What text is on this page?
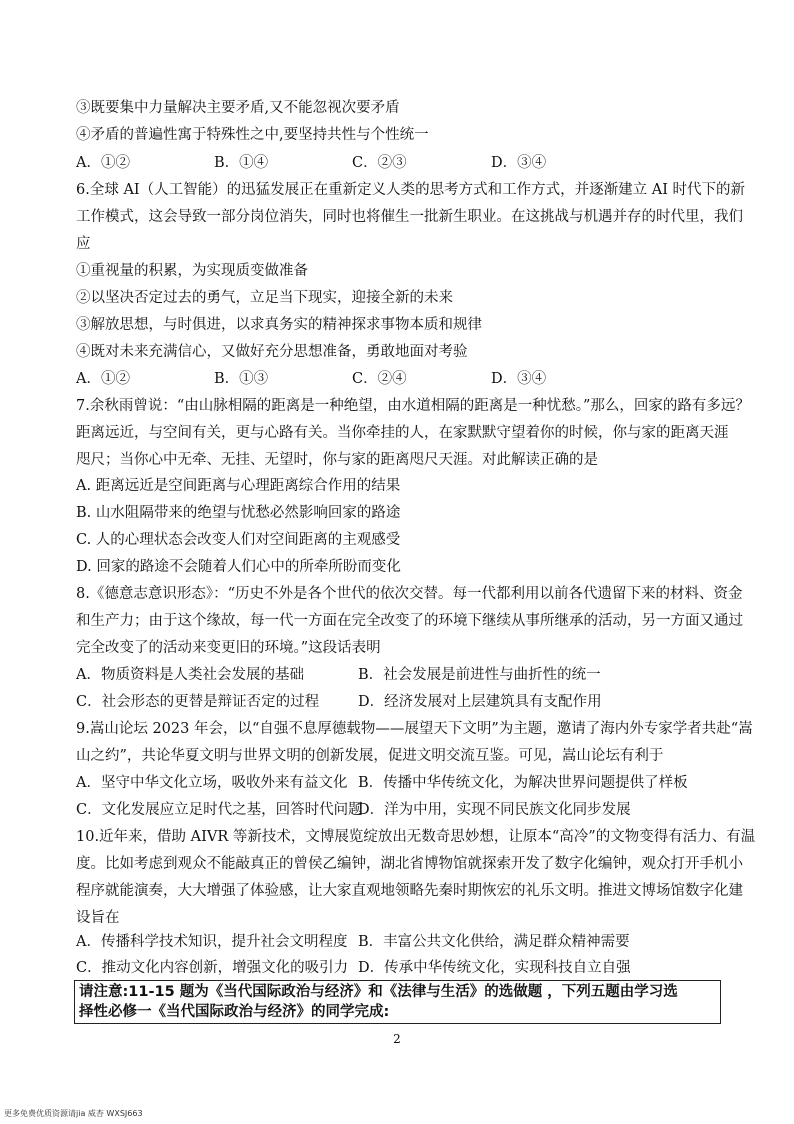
③既要集中力量解决主要矛盾,又不能忽视次要矛盾
④矛盾的普遍性寓于特殊性之中,要坚持共性与个性统一
A．①②	B．①④	C．②③	D．③④
6.全球 AI（人工智能）的迅猛发展正在重新定义人类的思考方式和工作方式，并逐渐建立 AI 时代下的新
工作模式，这会导致一部分岗位消失，同时也将催生一批新生职业。在这挑战与机遇并存的时代里，我们
应
①重视量的积累，为实现质变做准备
②以坚决否定过去的勇气，立足当下现实，迎接全新的未来
③解放思想，与时俱进，以求真务实的精神探求事物本质和规律
④既对未来充满信心，又做好充分思想准备，勇敢地面对考验
A．①②	B．①③	C．②④	D．③④
7.余秋雨曾说：“由山脉相隔的距离是一种绝望，由水道相隔的距离是一种忧愁。”那么，回家的路有多远？
距离远近，与空间有关，更与心路有关。当你牵挂的人，在家默默守望着你的时候，你与家的距离天涯
咫尺；当你心中无牵、无挂、无望时，你与家的距离咫尺天涯。对此解读正确的是
A. 距离远近是空间距离与心理距离综合作用的结果
B. 山水阻隔带来的绝望与忧愁必然影响回家的路途
C. 人的心理状态会改变人们对空间距离的主观感受
D. 回家的路途不会随着人们心中的所牵所盼而变化
8.《德意志意识形态》：“历史不外是各个世代的依次交替。每一代都利用以前各代遗留下来的材料、资金
和生产力；由于这个缘故，每一代一方面在完全改变了的环境下继续从事所继承的活动，另一方面又通过
完全改变了的活动来变更旧的环境。”这段话表明
A．物质资料是人类社会发展的基础	B．社会发展是前进性与曲折性的统一
C．社会形态的更替是辩证否定的过程	D．经济发展对上层建筑具有支配作用
9.嵩山论坛 2023 年会，以“自强不息厚德载物——展望天下文明”为主题，邀请了海内外专家学者共赴“嵩
山之约”，共论华夏文明与世界文明的创新发展，促进文明交流互鉴。可见，嵩山论坛有利于
A．坚守中华文化立场，吸收外来有益文化 B．传播中华传统文化，为解决世界问题提供了样板
C．文化发展应立足时代之基，回答时代问题
D．洋为中用，实现不同民族文化同步发展
10.近年来，借助 AIVR 等新技术，文博展览绽放出无数奇思妙想，让原本“高冷”的文物变得有活力、有温
度。比如考虑到观众不能敲真正的曾侯乙编钟，湖北省博物馆就探索开发了数字化编钟，观众打开手机小
程序就能演奏，大大增强了体验感，让大家直观地领略先秦时期恢宏的礼乐文明。推进文博场馆数字化建
设旨在
A．传播科学技术知识，提升社会文明程度 B．丰富公共文化供给，满足群众精神需要
C．推动文化内容创新，增强文化的吸引力 D．传承中华传统文化，实现科技自立自强
请注意:11-15 题为《当代国际政治与经济》和《法律与生活》的选做题 ，下列五题由学习选
择性必修一《当代国际政治与经济》的同学完成:
2
更多免费优质资源请jia 威杏 WXSJ663
